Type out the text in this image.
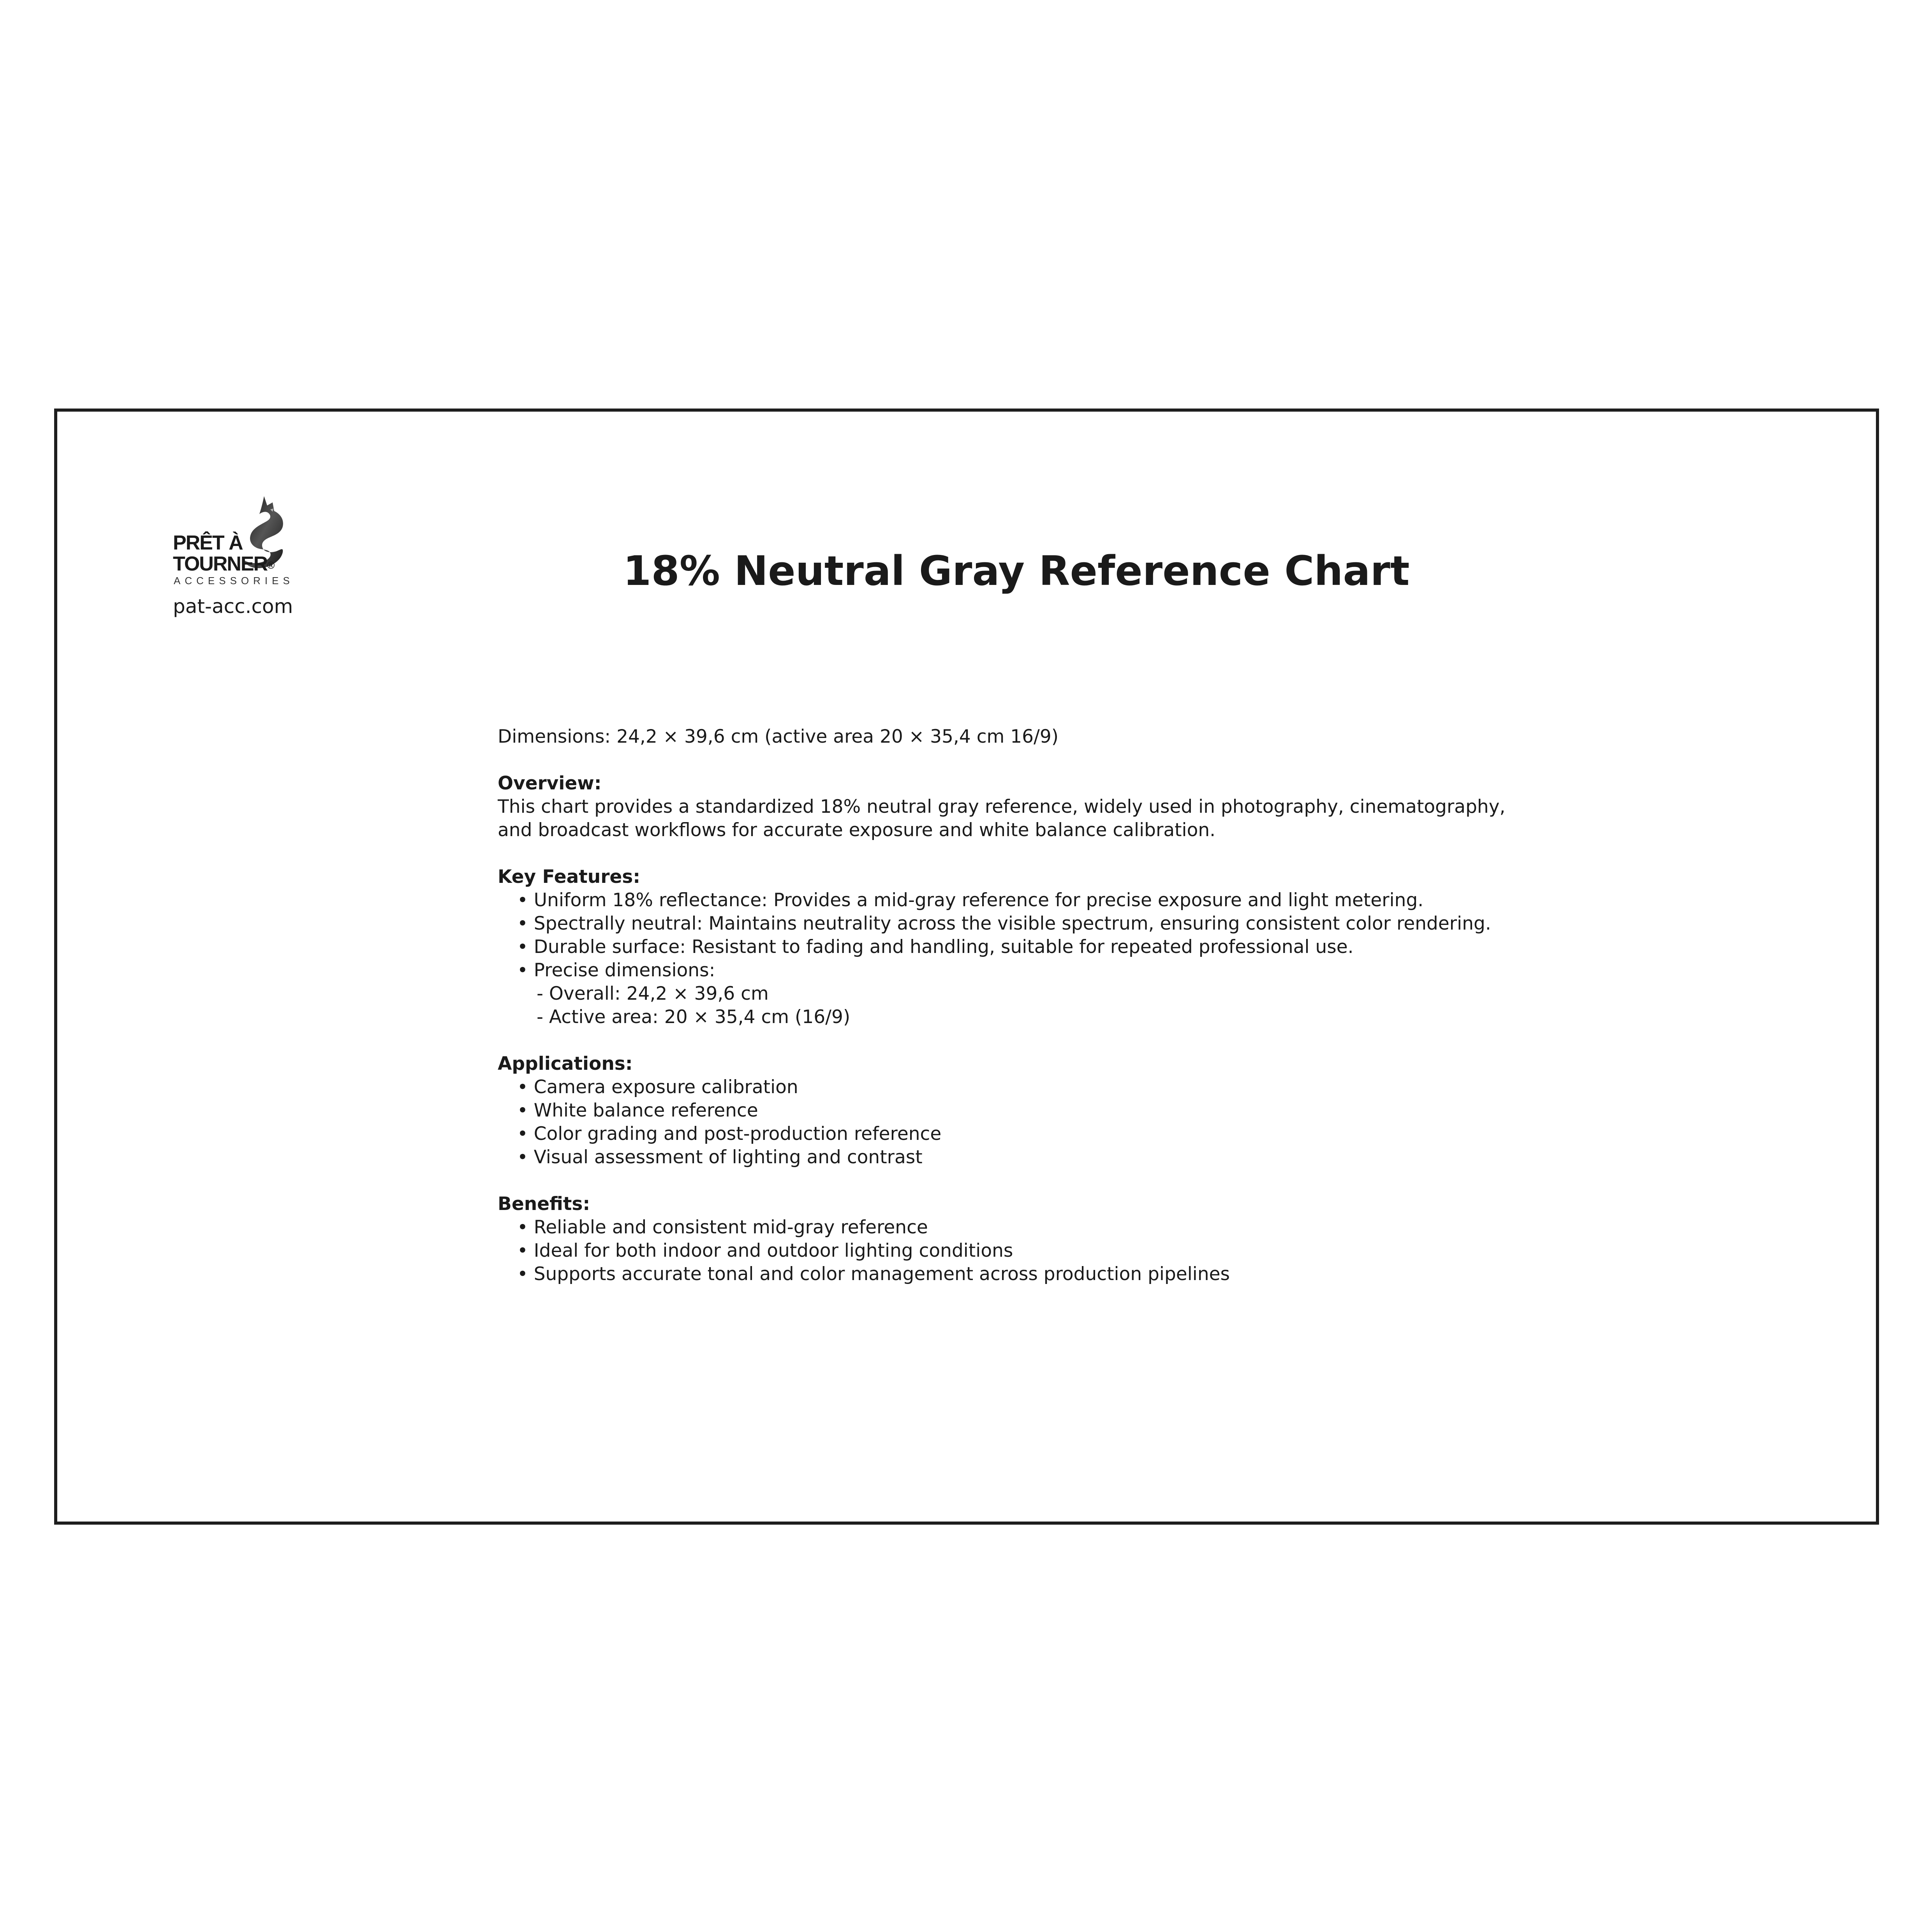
PRÊT À
TOURNER®
ACCESSORIES
pat-acc.com
18% Neutral Gray Reference Chart

Dimensions: 24,2 × 39,6 cm (active area 20 × 35,4 cm 16/9)

Overview:

This chart provides a standardized 18% neutral gray reference, widely used in photography, cinematography,

and broadcast workflows for accurate exposure and white balance calibration.

Key Features:

• Uniform 18% reflectance: Provides a mid-gray reference for precise exposure and light metering.

• Spectrally neutral: Maintains neutrality across the visible spectrum, ensuring consistent color rendering.

• Durable surface: Resistant to fading and handling, suitable for repeated professional use.

• Precise dimensions:

- Overall: 24,2 × 39,6 cm

- Active area: 20 × 35,4 cm (16/9)

Applications:

• Camera exposure calibration

• White balance reference

• Color grading and post-production reference

• Visual assessment of lighting and contrast

Benefits:

• Reliable and consistent mid-gray reference

• Ideal for both indoor and outdoor lighting conditions

• Supports accurate tonal and color management across production pipelines
